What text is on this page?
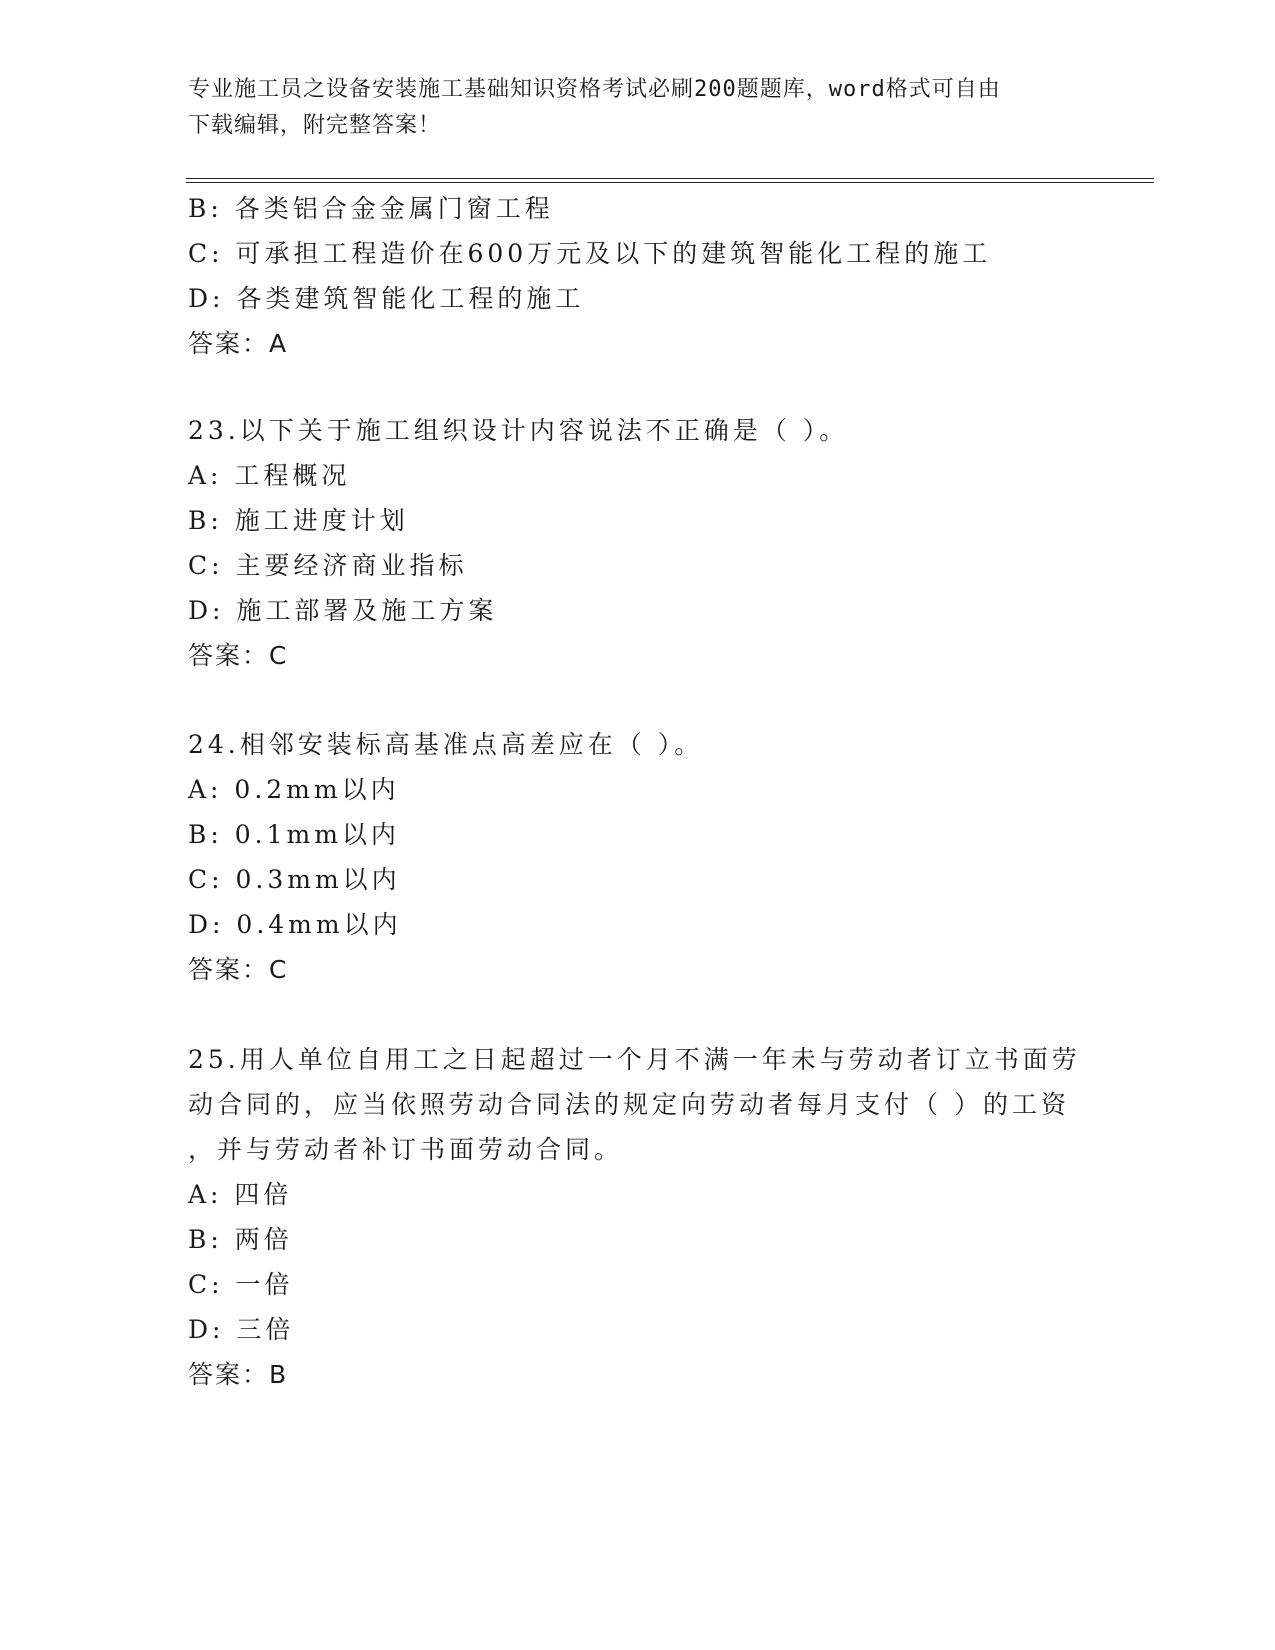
专业施工员之设备安装施工基础知识资格考试必刷200题题库，word格式可自由
下载编辑，附完整答案！
B: 各类铝合金金属门窗工程
C: 可承担工程造价在600万元及以下的建筑智能化工程的施工
D: 各类建筑智能化工程的施工
答案：A
23.以下关于施工组织设计内容说法不正确是（ ）。
A: 工程概况
B: 施工进度计划
C: 主要经济商业指标
D: 施工部署及施工方案
答案：C
24.相邻安装标高基准点高差应在（ ）。
A: 0.2mm以内
B: 0.1mm以内
C: 0.3mm以内
D: 0.4mm以内
答案：C
25.用人单位自用工之日起超过一个月不满一年未与劳动者订立书面劳
动合同的，应当依照劳动合同法的规定向劳动者每月支付（ ）的工资
，并与劳动者补订书面劳动合同。
A: 四倍
B: 两倍
C: 一倍
D: 三倍
答案：B
